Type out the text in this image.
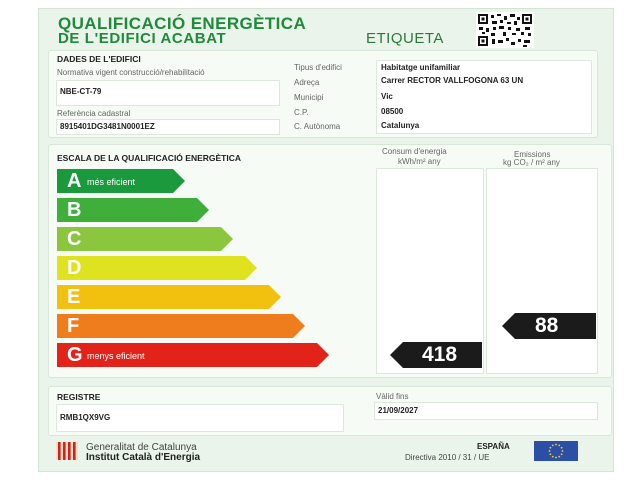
QUALIFICACIÓ ENERGÈTICA
DE L'EDIFICI ACABAT	ETIQUETA
DADES DE L'EDIFICI
Normativa vigent construcció/rehabilitació
NBE-CT-79
Referència cadastral
8915401DG3481N0001EZ
Tipus d'edifici	Habitatge unifamiliar
Adreça	Carrer RECTOR VALLFOGONA 63 UN
Municipi	Vic
C.P.	08500
C. Autònoma	Catalunya
ESCALA DE LA QUALIFICACIÓ ENERGÈTICA
Consum d'energia
kWh/m² any
Emissions
kg CO₂ / m² any
A més eficient
B
C
D
E
F
G menys eficient	418
88
REGISTRE
RMB1QX9VG
Vàlid fins
21/09/2027
Generalitat de Catalunya
Institut Català d'Energia
ESPAÑA
Directiva 2010 / 31 / UE
